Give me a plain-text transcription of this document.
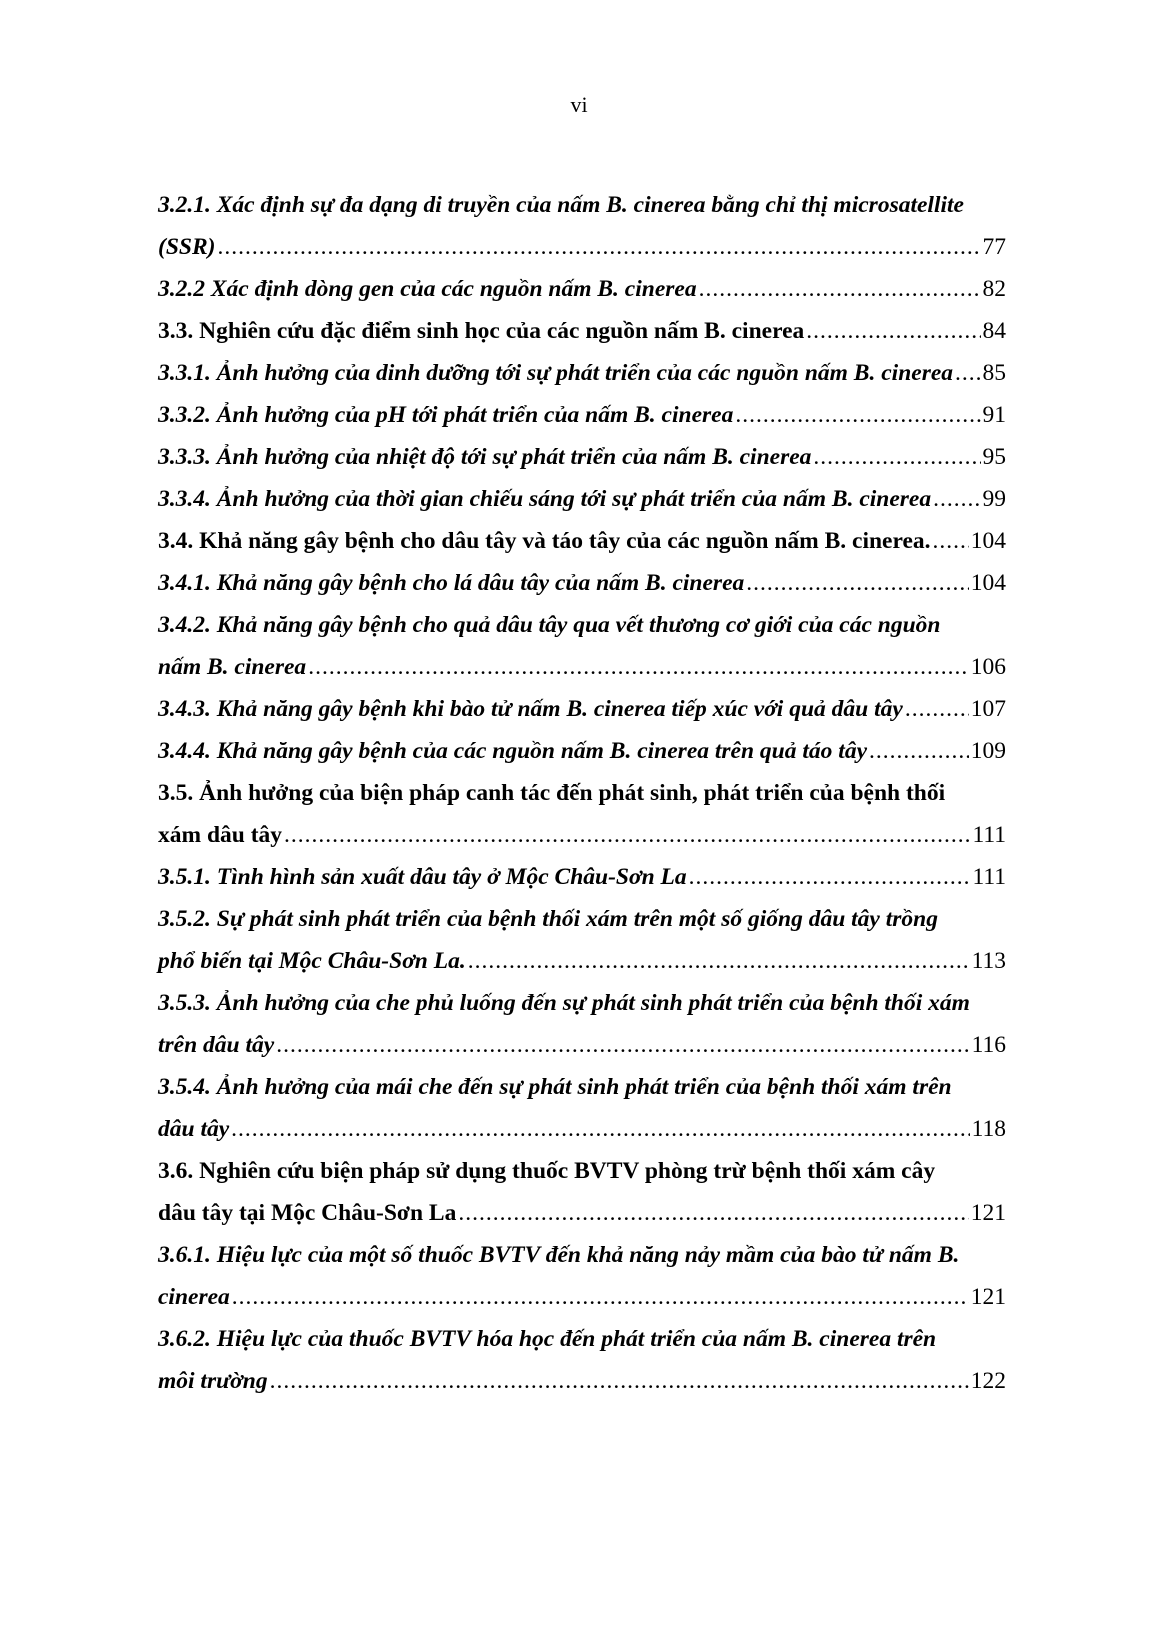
vi
3.2.1. Xác định sự đa dạng di truyền của nấm B. cinerea bằng chỉ thị microsatellite
(SSR) .....	77
3.2.2 Xác định dòng gen của các nguồn nấm B. cinerea .....	82
3.3. Nghiên cứu đặc điểm sinh học của các nguồn nấm B. cinerea .....	84
3.3.1. Ảnh hưởng của dinh dưỡng tới sự phát triển của các nguồn nấm B. cinerea ..... 85
3.3.2. Ảnh hưởng của pH tới phát triển của nấm B. cinerea .....	91
3.3.3. Ảnh hưởng của nhiệt độ tới sự phát triển của nấm B. cinerea .....	95
3.3.4. Ảnh hưởng của thời gian chiếu sáng tới sự phát triển của nấm B. cinerea ..... 99
3.4. Khả năng gây bệnh cho dâu tây và táo tây của các nguồn nấm B. cinerea. ..... 104
3.4.1. Khả năng gây bệnh cho lá dâu tây của nấm B. cinerea .....	104
3.4.2. Khả năng gây bệnh cho quả dâu tây qua vết thương cơ giới của các nguồn
nấm B. cinerea .....	106
3.4.3. Khả năng gây bệnh khi bào tử nấm B. cinerea tiếp xúc với quả dâu tây .....	107
3.4.4. Khả năng gây bệnh của các nguồn nấm B. cinerea trên quả táo tây .....	109
3.5. Ảnh hưởng của biện pháp canh tác đến phát sinh, phát triển của bệnh thối
xám dâu tây .....	111
3.5.1. Tình hình sản xuất dâu tây ở Mộc Châu-Sơn La .....	111
3.5.2. Sự phát sinh phát triển của bệnh thối xám trên một số giống dâu tây trồng
phổ biến tại Mộc Châu-Sơn La. .....	113
3.5.3. Ảnh hưởng của che phủ luống đến sự phát sinh phát triển của bệnh thối xám
trên dâu tây .....	116
3.5.4. Ảnh hưởng của mái che đến sự phát sinh phát triển của bệnh thối xám trên
dâu tây .....	118
3.6. Nghiên cứu biện pháp sử dụng thuốc BVTV phòng trừ bệnh thối xám cây
dâu tây tại Mộc Châu-Sơn La .....	121
3.6.1. Hiệu lực của một số thuốc BVTV đến khả năng nảy mầm của bào tử nấm B.
cinerea .....	121
3.6.2. Hiệu lực của thuốc BVTV hóa học đến phát triển của nấm B. cinerea trên
môi trường .....	122
